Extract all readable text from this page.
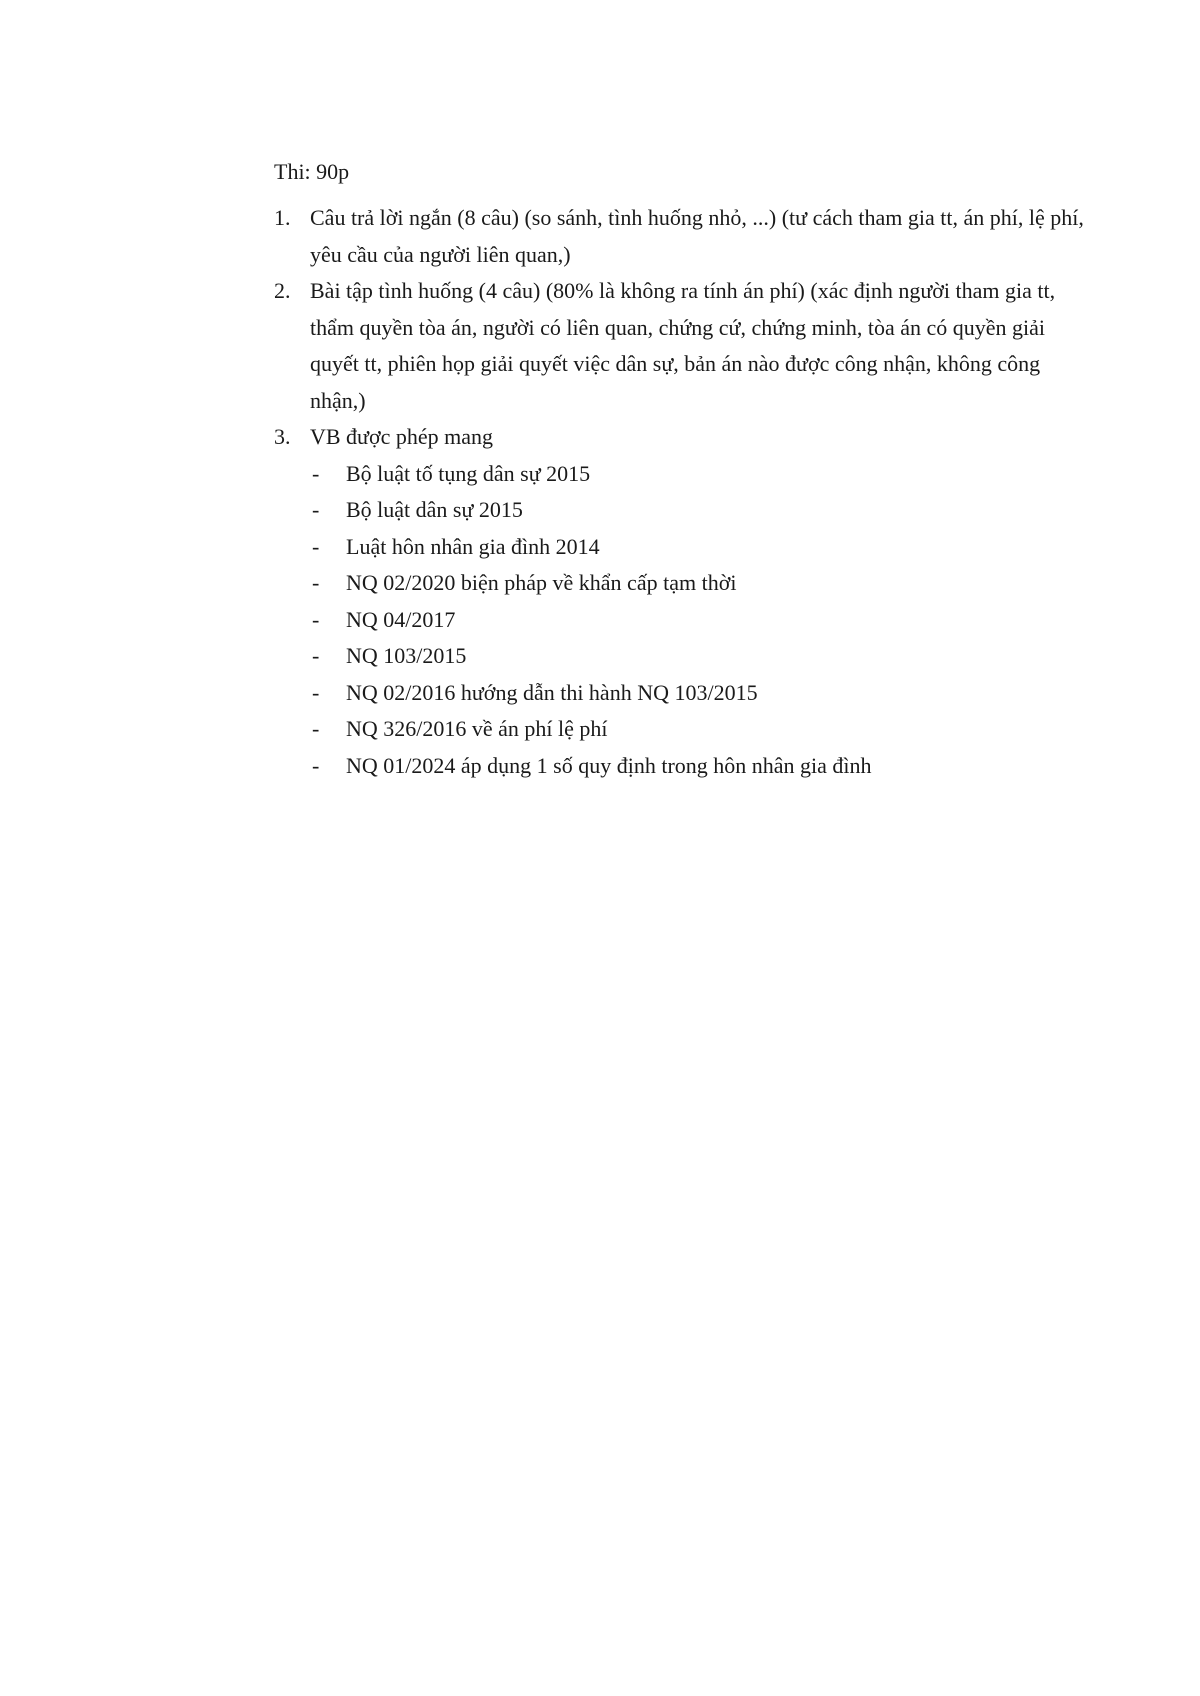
Thi: 90p
1. Câu trả lời ngắn (8 câu) (so sánh, tình huống nhỏ, ...) (tư cách tham gia tt, án phí, lệ phí, yêu cầu của người liên quan,)
2. Bài tập tình huống (4 câu) (80% là không ra tính án phí) (xác định người tham gia tt, thẩm quyền tòa án, người có liên quan, chứng cứ, chứng minh, tòa án có quyền giải quyết tt, phiên họp giải quyết việc dân sự, bản án nào được công nhận, không công nhận,)
3. VB được phép mang
- Bộ luật tố tụng dân sự 2015
- Bộ luật dân sự 2015
- Luật hôn nhân gia đình 2014
- NQ 02/2020 biện pháp về khẩn cấp tạm thời
- NQ 04/2017
- NQ 103/2015
- NQ 02/2016 hướng dẫn thi hành NQ 103/2015
- NQ 326/2016 về án phí lệ phí
- NQ 01/2024 áp dụng 1 số quy định trong hôn nhân gia đình
